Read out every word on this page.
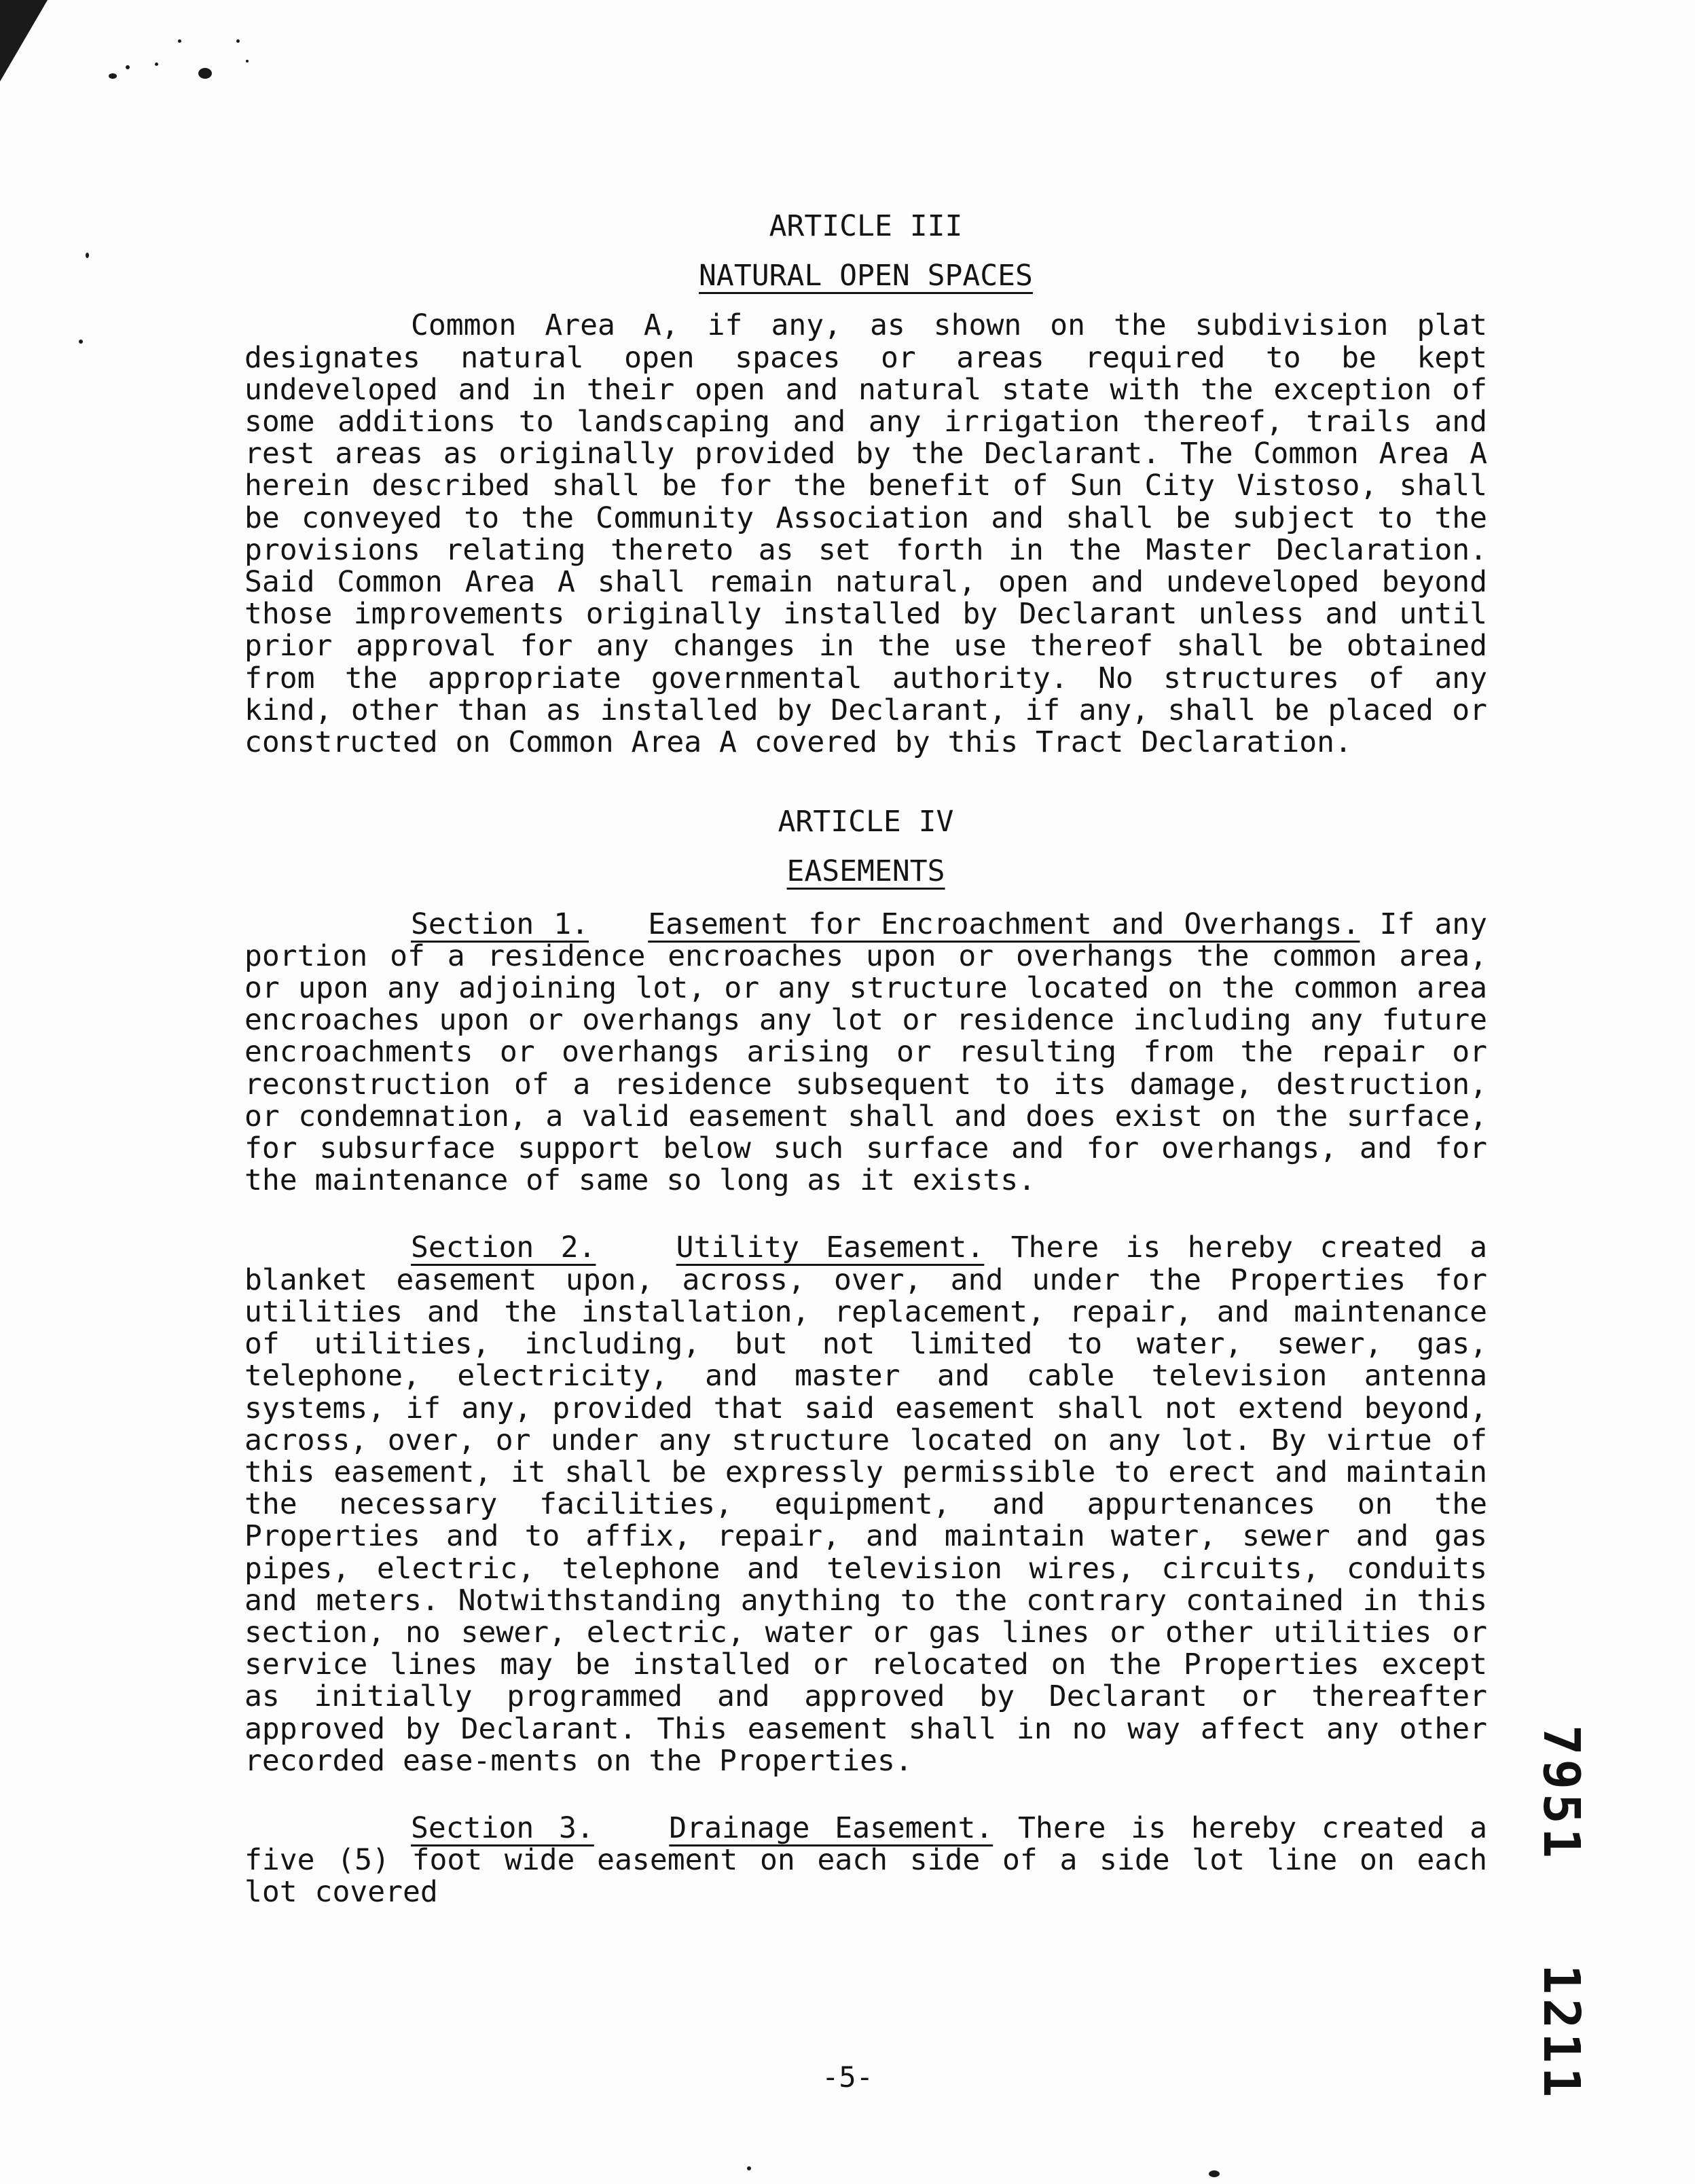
ARTICLE III

NATURAL OPEN SPACES

Common Area A, if any, as shown on the subdivision plat designates natural open spaces or areas required to be kept undeveloped and in their open and natural state with the exception of some additions to landscaping and any irrigation thereof, trails and rest areas as originally provided by the Declarant. The Common Area A herein described shall be for the benefit of Sun City Vistoso, shall be conveyed to the Community Association and shall be subject to the provisions relating thereto as set forth in the Master Declaration. Said Common Area A shall remain natural, open and undeveloped beyond those improvements originally installed by Declarant unless and until prior approval for any changes in the use thereof shall be obtained from the appropriate governmental authority. No structures of any kind, other than as installed by Declarant, if any, shall be placed or constructed on Common Area A covered by this Tract Declaration.

ARTICLE IV

EASEMENTS

Section 1. Easement for Encroachment and Overhangs. If any portion of a residence encroaches upon or overhangs the common area, or upon any adjoining lot, or any structure located on the common area encroaches upon or overhangs any lot or residence including any future encroachments or overhangs arising or resulting from the repair or reconstruction of a residence subsequent to its damage, destruction, or condemnation, a valid easement shall and does exist on the surface, for subsurface support below such surface and for overhangs, and for the maintenance of same so long as it exists.

Section 2.	Utility Easement. There is hereby created a blanket easement upon, across, over, and under the Properties for utilities and the installation, replacement, repair, and maintenance of utilities, including, but not limited to water, sewer, gas, telephone, electricity, and master and cable television antenna systems, if any, provided that said easement shall not extend beyond, across, over, or under any structure located on any lot. By virtue of this easement, it shall be expressly permissible to erect and maintain the necessary facilities, equipment, and appurtenances on the Properties and to affix, repair, and maintain water, sewer and gas pipes, electric, telephone and television wires, circuits, conduits and meters. Notwithstanding anything to the contrary contained in this section, no sewer, electric, water or gas lines or other utilities or service lines may be installed or relocated on the Properties except as initially programmed and approved by Declarant or thereafter approved by Declarant. This easement shall in no way affect any other recorded ease-ments on the Properties.

Section 3.	Drainage Easement. There is hereby created a five (5) foot wide easement on each side of a side lot line on each lot covered

79511211
-5-
